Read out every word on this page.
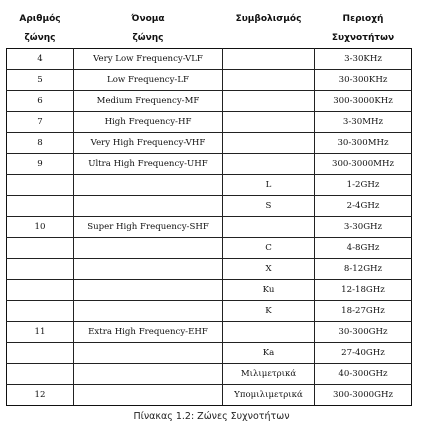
Αριθμός	Όνομα	Συμβολισμός	Περιοχή
ζώνης	ζώνης		Συχνοτήτων
4	Very Low Frequency-VLF		3-30KHz
5	Low Frequency-LF		30-300KHz
6	Medium Frequency-MF		300-3000KHz
7	High Frequency-HF		3-30MHz
8	Very High Frequency-VHF		30-300MHz
9	Ultra High Frequency-UHF		300-3000MHz
		L	1-2GHz
		S	2-4GHz
10	Super High Frequency-SHF		3-30GHz
		C	4-8GHz
		X	8-12GHz
		Ku	12-18GHz
		K	18-27GHz
11	Extra High Frequency-EHF		30-300GHz
		Ka	27-40GHz
		Μιλιμετρικά	40-300GHz
12		Υπομιλιμετρικά	300-3000GHz
Πίνακας 1.2: Ζώνες Συχνοτήτων
